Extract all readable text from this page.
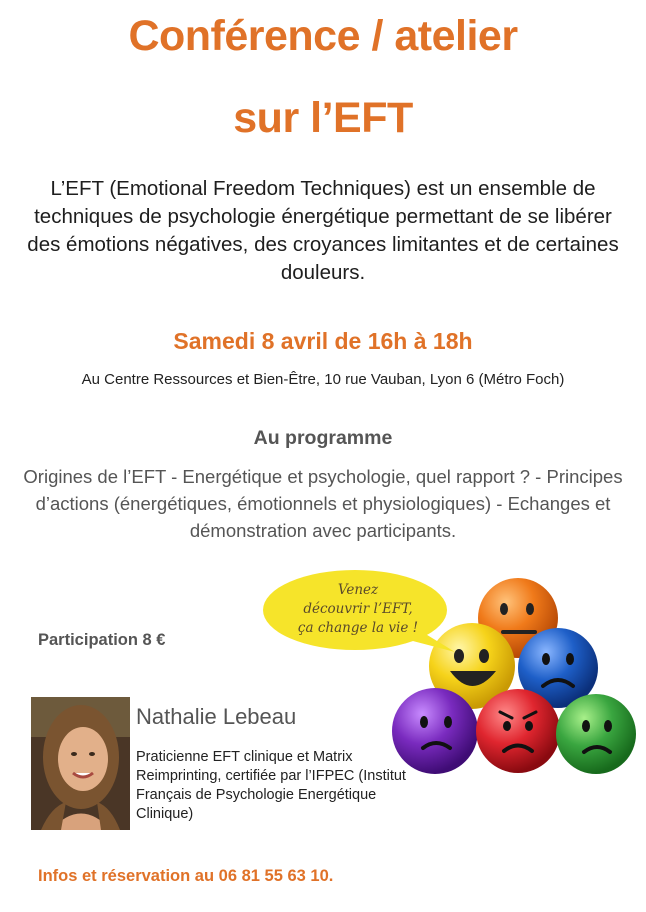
Conférence / atelier
sur l’EFT
L’EFT (Emotional Freedom Techniques) est un ensemble de techniques de psychologie énergétique permettant de se libérer des émotions négatives, des croyances limitantes et de certaines douleurs.
Samedi 8 avril de 16h à 18h
Au Centre Ressources et Bien-Être, 10 rue Vauban, Lyon 6 (Métro Foch)
Au programme
Origines de l’EFT - Energétique et psychologie, quel rapport ? - Principes d’actions (énergétiques, émotionnels et physiologiques) - Echanges et démonstration avec participants.
Participation 8 €
Venez
découvrir l’EFT,
ça change la vie !
Nathalie Lebeau
Praticienne EFT clinique et Matrix Reimprinting, certifiée par l’IFPEC (Institut Français de Psychologie Energétique Clinique)
Infos et réservation au 06 81 55 63 10.
